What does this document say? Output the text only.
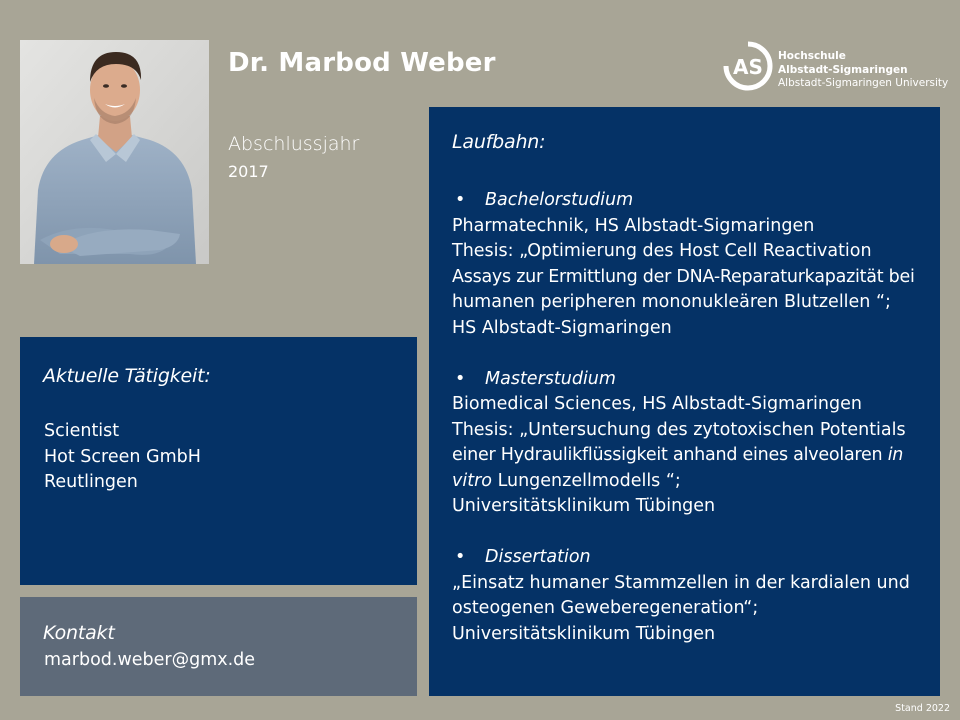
Dr. Marbod Weber	AS Hochschule
Albstadt-Sigmaringen
Albstadt-Sigmaringen University
Abschlussjahr
2017
Aktuelle Tätigkeit:
Scientist
Hot Screen GmbH
Reutlingen
Kontakt
marbod.weber@gmx.de
Laufbahn:
•	Bachelorstudium
Pharmatechnik, HS Albstadt-Sigmaringen
Thesis: „Optimierung des Host Cell Reactivation
Assays zur Ermittlung der DNA-Reparaturkapazität bei
humanen peripheren mononukleären Blutzellen “;
HS Albstadt-Sigmaringen
•	Masterstudium
Biomedical Sciences, HS Albstadt-Sigmaringen
Thesis: „Untersuchung des zytotoxischen Potentials
einer Hydraulikflüssigkeit anhand eines alveolaren in
vitro Lungenzellmodells “;
Universitätsklinikum Tübingen
•	Dissertation
„Einsatz humaner Stammzellen in der kardialen und
osteogenen Geweberegeneration“;
Universitätsklinikum Tübingen
Stand 2022
